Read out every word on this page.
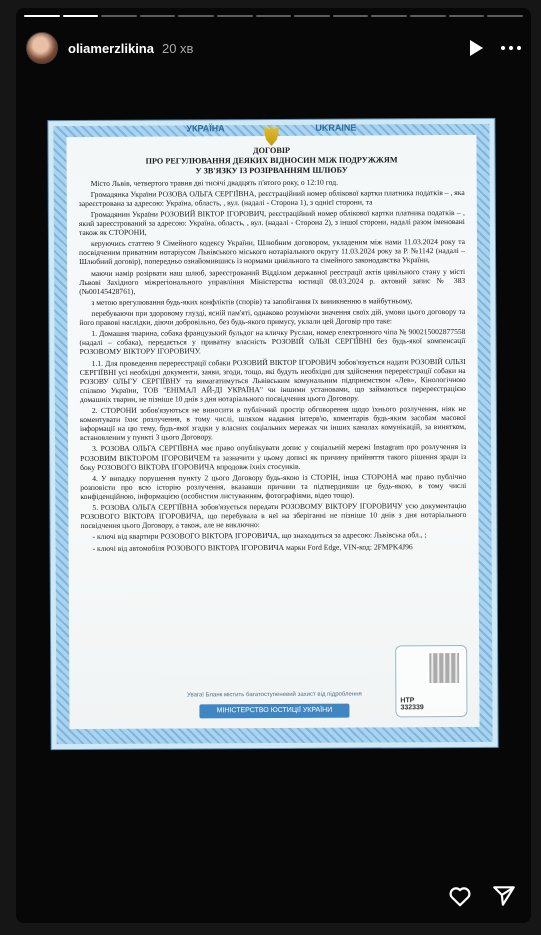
oliamerzlikina 20 хв
УКРАЇНА	UKRAINE
ДОГОВІР
ПРО РЕГУЛЮВАННЯ ДЕЯКИХ ВІДНОСИН МІЖ ПОДРУЖЖЯМ
У ЗВ'ЯЗКУ ІЗ РОЗІРВАННЯМ ШЛЮБУ

Місто Львів, четвертого травня дві тисячі двадцять п'ятого року, о 12:10 год.

Громадянка України РОЗОВА ОЛЬГА СЕРГІЇВНА, реєстраційний номер облікової картки платника податків – , яка зареєстрована за адресою: Україна, область, , вул. (надалі - Сторона 1), з однієї сторони, та

Громадянин України РОЗОВИЙ ВІКТОР ІГОРОВИЧ, реєстраційний номер облікової картки платника податків – , який зареєстрований за адресою: Україна, область, , вул. (надалі - Сторона 2), з іншої сторони, надалі разом іменовані також як СТОРОНИ,

керуючись статтею 9 Сімейного кодексу України, Шлюбним договором, укладеним між нами 11.03.2024 року та посвідченим приватним нотаріусом Львівського міського нотаріального округу 11.03.2024 року за Р. №1142 (надалі – Шлюбний договір), попередньо ознайомившись із нормами цивільного та сімейного законодавства України,

маючи намір розірвати наш шлюб, зареєстрований Відділом державної реєстрації актів цивільного стану у місті Львові Західного міжрегіонального управління Міністерства юстиції 08.03.2024 р. актовий запис № 383 (№00145428761),

з метою врегулювання будь-яких конфліктів (спорів) та запобігання їх виникненню в майбутньому,

перебуваючи при здоровому глузді, ясній пам'яті, однаково розуміючи значення своїх дій, умови цього договору та його правові наслідки, діючи добровільно, без будь-якого примусу, уклали цей Договір про таке:

1. Домашня тварина, собака французький бульдог на кличку Руслан, номер електронного чіпа № 900215002877558 (надалі – собака), передається у приватну власність РОЗОВІЙ ОЛЬЗІ СЕРГІЇВНІ без будь-якої компенсації РОЗОВОМУ ВІКТОРУ ІГОРОВИЧУ.

1.1. Для проведення перереєстрації собаки РОЗОВИЙ ВІКТОР ІГОРОВИЧ зобов'язується надати РОЗОВІЙ ОЛЬЗІ СЕРГІЇВНІ усі необхідні документи, заяви, згоди, тощо, які будуть необхідні для здійснення перереєстрації собаки на РОЗОВУ ОЛЬГУ СЕРГІЇВНУ та вимагатимуться Львівським комунальним підприємством «Лев», Кінологічною спілкою України, ТОВ "ЕНІМАЛ АЙ-ДІ УКРАЇНА" чи іншими установами, що займаються перереєстрацією домашніх тварин, не пізніше 10 днів з дня нотаріального посвідчення цього Договору.

2. СТОРОНИ зобов'язуються не виносити в публічний простір обговорення щодо їхнього розлучення, ніяк не коментувати їхнє розлучення, в тому числі, шляхом надання інтерв'ю, коментарів будь-яким засобам масової інформації на цю тему, будь-якої згадки у власних соціальних мережах чи інших каналах комунікацій, за винятком, встановленим у пункті 3 цього Договору.

3. РОЗОВА ОЛЬГА СЕРГІЇВНА має право опублікувати допис у соціальній мережі Instagram про розлучення із РОЗОВИМ ВІКТОРОМ ІГОРОВИЧЕМ та зазначити у цьому дописі як причину прийняття такого рішення зради із боку РОЗОВОГО ВІКТОРА ІГОРОВИЧА впродовж їхніх стосунків.

4. У випадку порушення пункту 2 цього Договору будь-якою із СТОРІН, інша СТОРОНА має право публічно розповісти про всю історію розлучення, вказавши причини та підтвердивши це будь-якою, в тому числі конфіденційною, інформацією (особистим листуванням, фотографіями, відео тощо).

5. РОЗОВА ОЛЬГА СЕРГІЇВНА зобов'язується передати РОЗОВОМУ ВІКТОРУ ІГОРОВИЧУ усю документацію РОЗОВОГО ВІКТОРА ІГОРОВИЧА, що перебувала в неї на зберіганні не пізніше 10 днів з дня нотаріального посвідчення цього Договору, а також, але не виключно:

- ключі від квартири РОЗОВОГО ВІКТОРА ІГОРОВИЧА, що знаходиться за адресою: Львівська обл., ;

- ключі від автомобіля РОЗОВОГО ВІКТОРА ІГОРОВИЧА марки Ford Edge, VIN-код: 2FMPK4J96

НТР
332339
Увага! Бланк містить багатоступеневий захист від підроблення
МІНІСТЕРСТВО ЮСТИЦІЇ УКРАЇНИ
